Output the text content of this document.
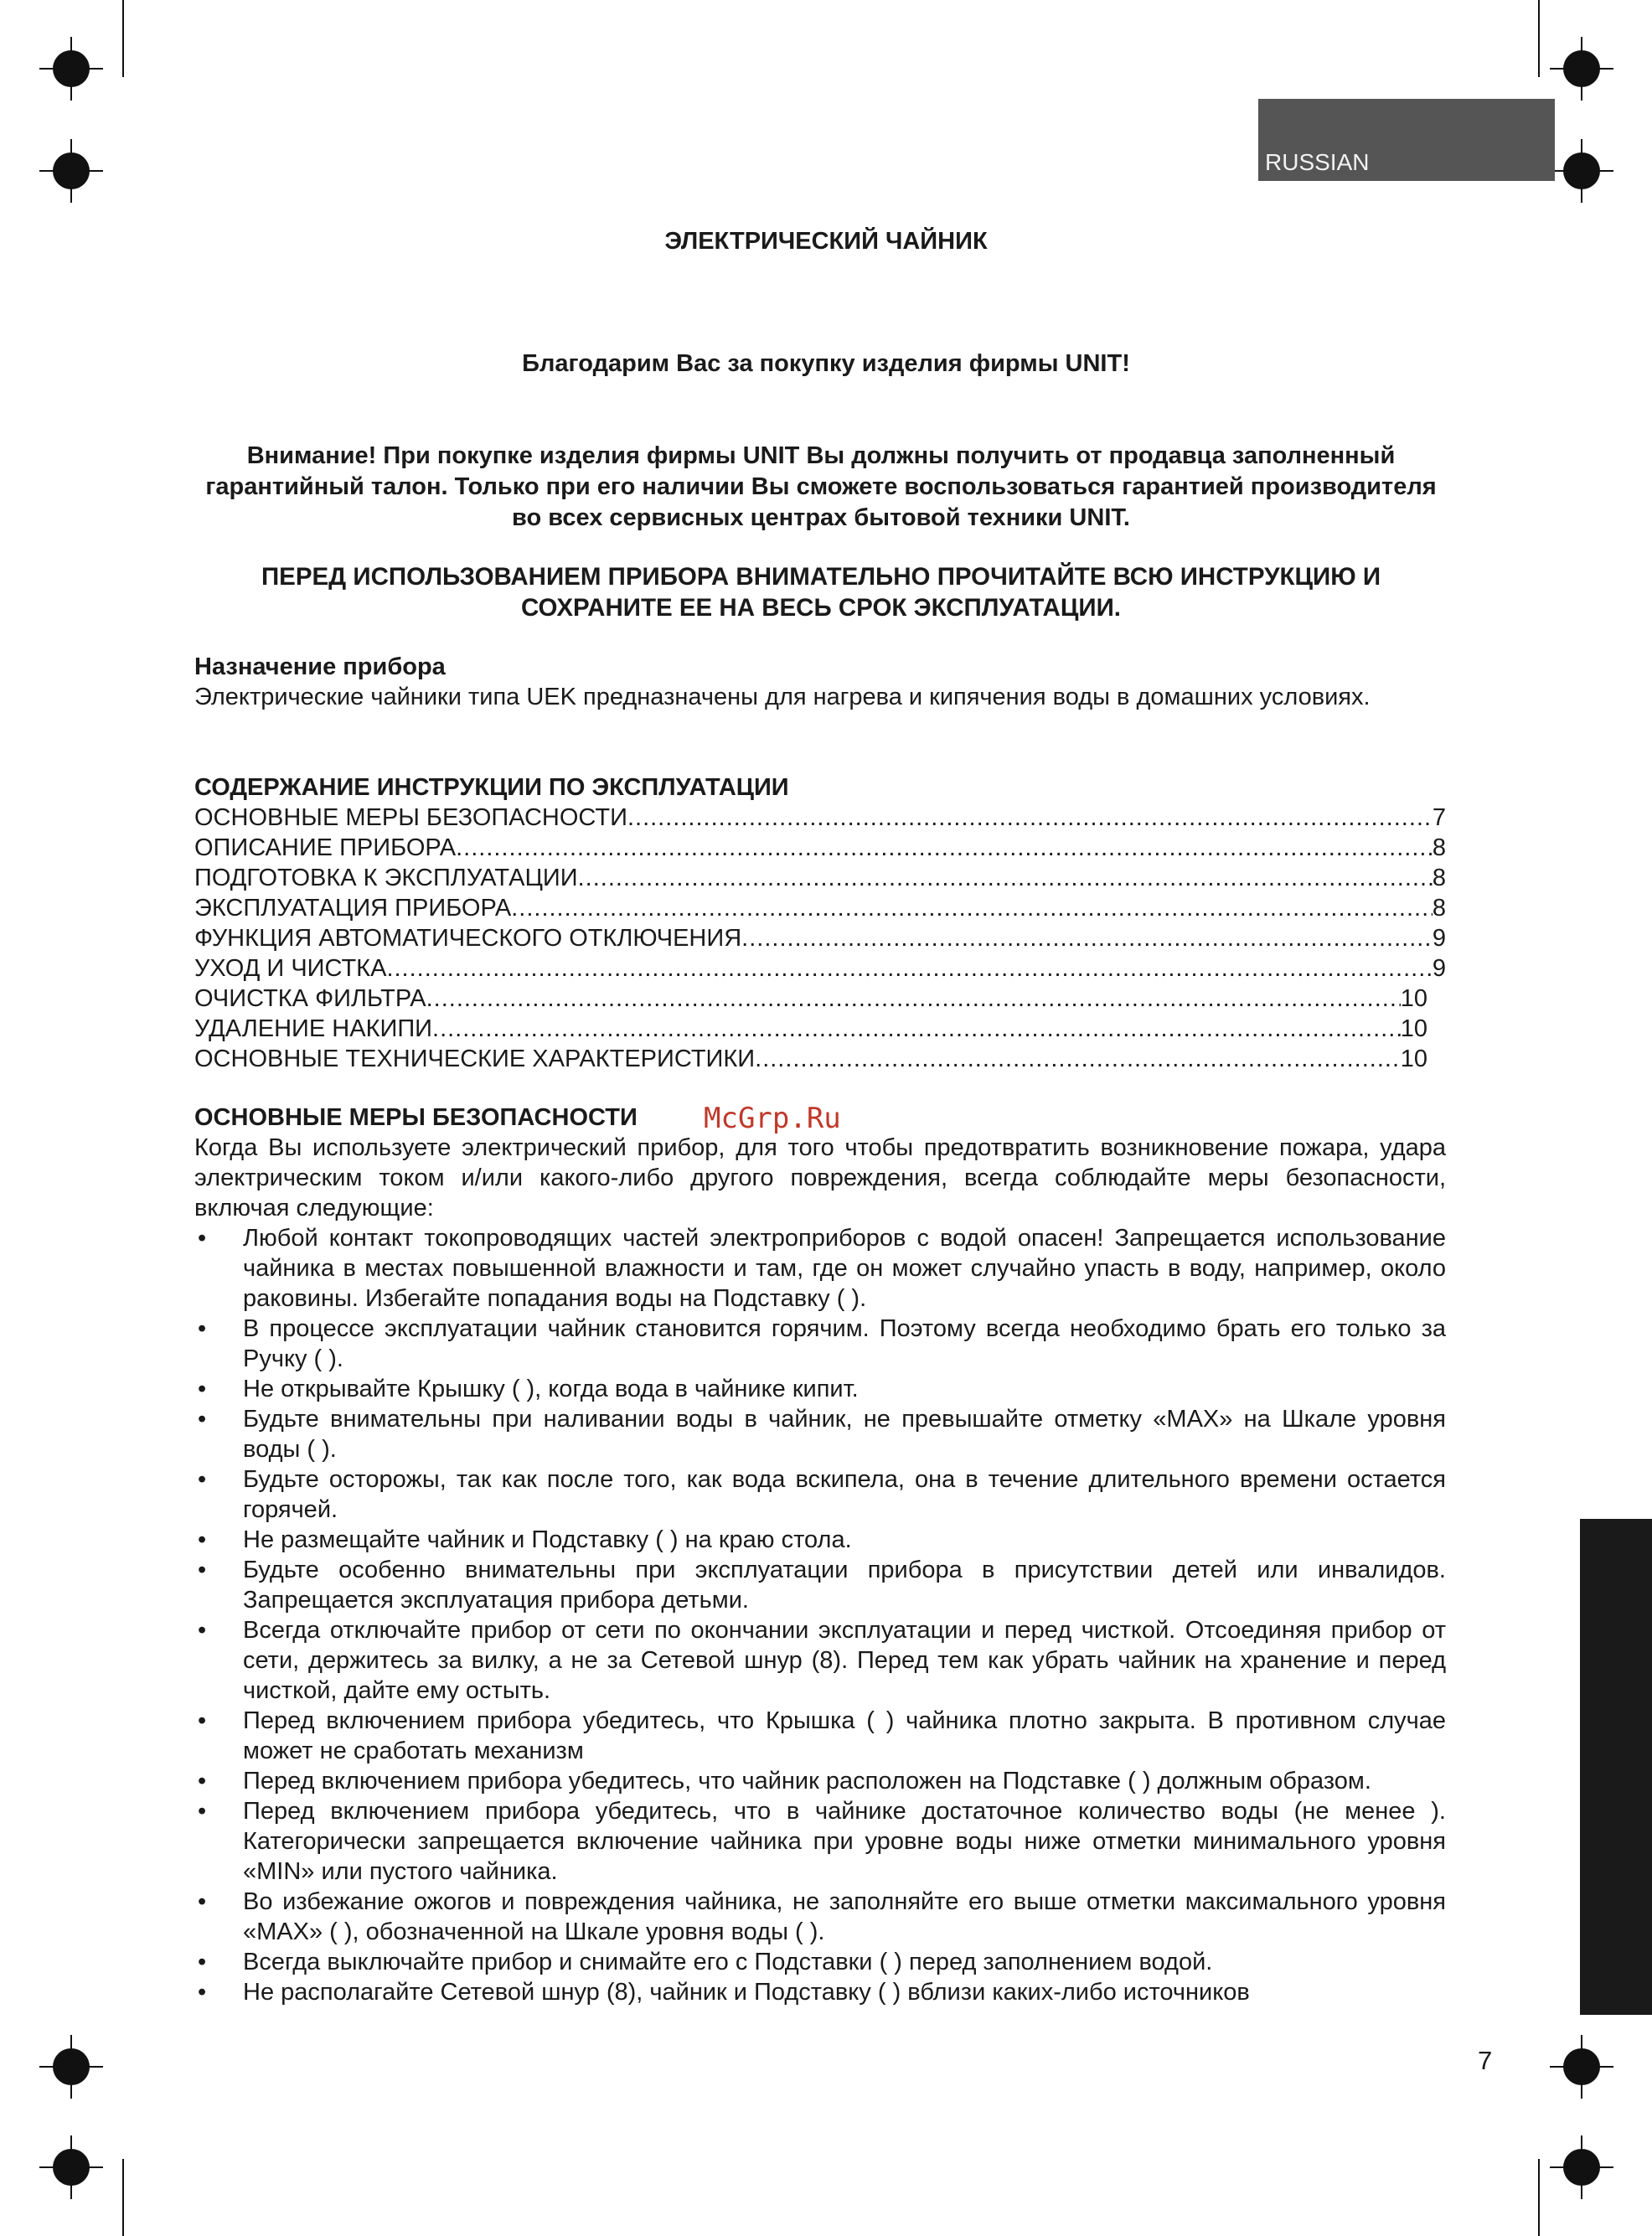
RUSSIAN
McGrp.Ru
ЭЛЕКТРИЧЕСКИЙ ЧАЙНИК
Благодарим Вас за покупку изделия фирмы UNIT!
Внимание! При покупке изделия фирмы UNIT Вы должны получить от продавца заполненный гарантийный талон. Только при его наличии Вы сможете воспользоваться гарантией производителя во всех сервисных центрах бытовой техники UNIT.
ПЕРЕД ИСПОЛЬЗОВАНИЕМ ПРИБОРА ВНИМАТЕЛЬНО ПРОЧИТАЙТЕ ВСЮ ИНСТРУКЦИЮ И СОХРАНИТЕ ЕЕ НА ВЕСЬ СРОК ЭКСПЛУАТАЦИИ.
Назначение прибора
Электрические чайники типа UEK предназначены для нагрева и кипячения воды в домашних условиях.
СОДЕРЖАНИЕ ИНСТРУКЦИИ ПО ЭКСПЛУАТАЦИИ
ОСНОВНЫЕ МЕРЫ БЕЗОПАСНОСТИ .....	7
ОПИСАНИЕ ПРИБОРА .....	8
ПОДГОТОВКА К ЭКСПЛУАТАЦИИ .....	8
ЭКСПЛУАТАЦИЯ ПРИБОРА .....	8
ФУНКЦИЯ АВТОМАТИЧЕСКОГО ОТКЛЮЧЕНИЯ .....	9
УХОД И ЧИСТКА .....	9
ОЧИСТКА ФИЛЬТРА .....	10
УДАЛЕНИЕ НАКИПИ .....	10
ОСНОВНЫЕ ТЕХНИЧЕСКИЕ ХАРАКТЕРИСТИКИ .....	10
ОСНОВНЫЕ МЕРЫ БЕЗОПАСНОСТИ
Когда Вы используете электрический прибор, для того чтобы предотвратить возникновение пожара, удара электрическим током и/или какого-либо другого повреждения, всегда соблюдайте меры безопасности, включая следующие:
• Любой контакт токопроводящих частей электроприборов с водой опасен! Запрещается использование чайника в местах повышенной влажности и там, где он может случайно упасть в воду, например, около раковины. Избегайте попадания воды на Подставку ( ).
• В процессе эксплуатации чайник становится горячим. Поэтому всегда необходимо брать его только за Ручку ( ).
• Не открывайте Крышку ( ), когда вода в чайнике кипит.
• Будьте внимательны при наливании воды в чайник, не превышайте отметку «MAX» на Шкале уровня воды ( ).
• Будьте осторожы, так как после того, как вода вскипела, она в течение длительного времени остается горячей.
• Не размещайте чайник и Подставку ( ) на краю стола.
• Будьте особенно внимательны при эксплуатации прибора в присутствии детей или инвалидов. Запрещается эксплуатация прибора детьми.
• Всегда отключайте прибор от сети по окончании эксплуатации и перед чисткой. Отсоединяя прибор от сети, держитесь за вилку, а не за Сетевой шнур (8). Перед тем как убрать чайник на хранение и перед чисткой, дайте ему остыть.
• Перед включением прибора убедитесь, что Крышка ( ) чайника плотно закрыта. В противном случае может не сработать механизм
• Перед включением прибора убедитесь, что чайник расположен на Подставке ( ) должным образом.
• Перед включением прибора убедитесь, что в чайнике достаточное количество воды (не менее ). Категорически запрещается включение чайника при уровне воды ниже отметки минимального уровня «MIN» или пустого чайника.
• Во избежание ожогов и повреждения чайника, не заполняйте его выше отметки максимального уровня «MAX» ( ), обозначенной на Шкале уровня воды ( ).
• Всегда выключайте прибор и снимайте его с Подставки ( ) перед заполнением водой.
• Не располагайте Сетевой шнур (8), чайник и Подставку ( ) вблизи каких-либо источников
7
